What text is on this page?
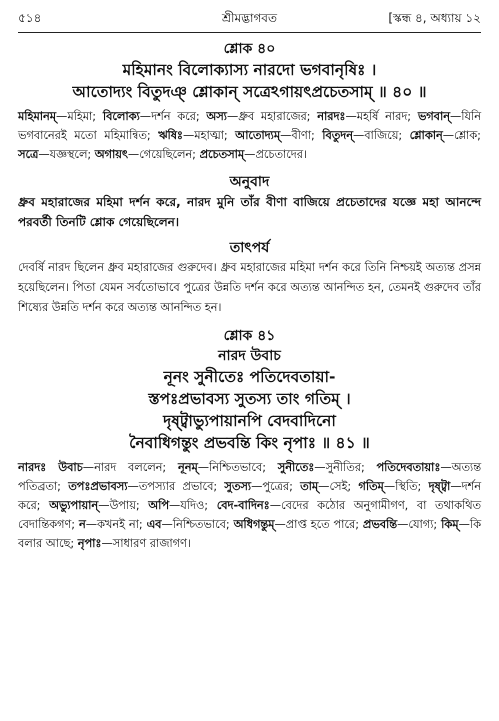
৫১৪	শ্রীমদ্ভাগবত	[স্কন্ধ ৪, অধ্যায় ১২
শ্লোক ৪০
মহিমানং বিলোক্যাস্য নারদো ভগবানৃষিঃ ।
আতোদ্যং বিতুদঞ্ শ্লোকান্ সত্রেঽগায়ৎপ্রচেতসাম্ ॥ ৪০ ॥
মহিমানম্—মহিমা; বিলোক্য—দর্শন করে; অস্য—ধ্রুব মহারাজের; নারদঃ—মহর্ষি নারদ; ভগবান্—যিনি ভগবানেরই মতো মহিমান্বিত; ঋষিঃ—মহাত্মা; আতোদ্যম্—বীণা; বিতুদন্—বাজিয়ে; শ্লোকান্—শ্লোক; সত্রে—যজ্ঞস্থলে; অগায়ৎ—গেয়েছিলেন; প্রচেতসাম্—প্রচেতাদের।
অনুবাদ
ধ্রুব মহারাজের মহিমা দর্শন করে, নারদ মুনি তাঁর বীণা বাজিয়ে প্রচেতাদের যজ্ঞে মহা আনন্দে পরবর্তী তিনটি শ্লোক গেয়েছিলেন।
তাৎপর্য
দেবর্ষি নারদ ছিলেন ধ্রুব মহারাজের গুরুদেব। ধ্রুব মহারাজের মহিমা দর্শন করে তিনি নিশ্চয়ই অত্যন্ত প্রসন্ন হয়েছিলেন। পিতা যেমন সর্বতোভাবে পুত্রের উন্নতি দর্শন করে অত্যন্ত আনন্দিত হন, তেমনই গুরুদেব তাঁর শিষ্যের উন্নতি দর্শন করে অত্যন্ত আনন্দিত হন।
শ্লোক ৪১
নারদ উবাচ
নূনং সুনীতেঃ পতিদেবতায়া-
স্তপঃপ্রভাবস্য সুতস্য তাং গতিম্ ।
দৃষ্ট্বাভ্যুপায়ানপি বেদবাদিনো
নৈবাধিগন্তুং প্রভবন্তি কিং নৃপাঃ ॥ ৪১ ॥
নারদঃ উবাচ—নারদ বললেন; নূনম্—নিশ্চিতভাবে; সুনীতেঃ—সুনীতির; পতিদেবতায়াঃ—অত্যন্ত পতিব্রতা; তপঃপ্রভাবস্য—তপস্যার প্রভাবে; সুতস্য—পুত্রের; তাম্—সেই; গতিম্—স্থিতি; দৃষ্ট্বা—দর্শন করে; অভ্যুপায়ান্—উপায়; অপি—যদিও; বেদ-বাদিনঃ—বেদের কঠোর অনুগামীগণ, বা তথাকথিত বেদান্তিকগণ; ন—কখনই না; এব—নিশ্চিতভাবে; অধিগন্তুম্—প্রাপ্ত হতে পারে; প্রভবন্তি—যোগ্য; কিম্—কি বলার আছে; নৃপাঃ—সাধারণ রাজাগণ।
